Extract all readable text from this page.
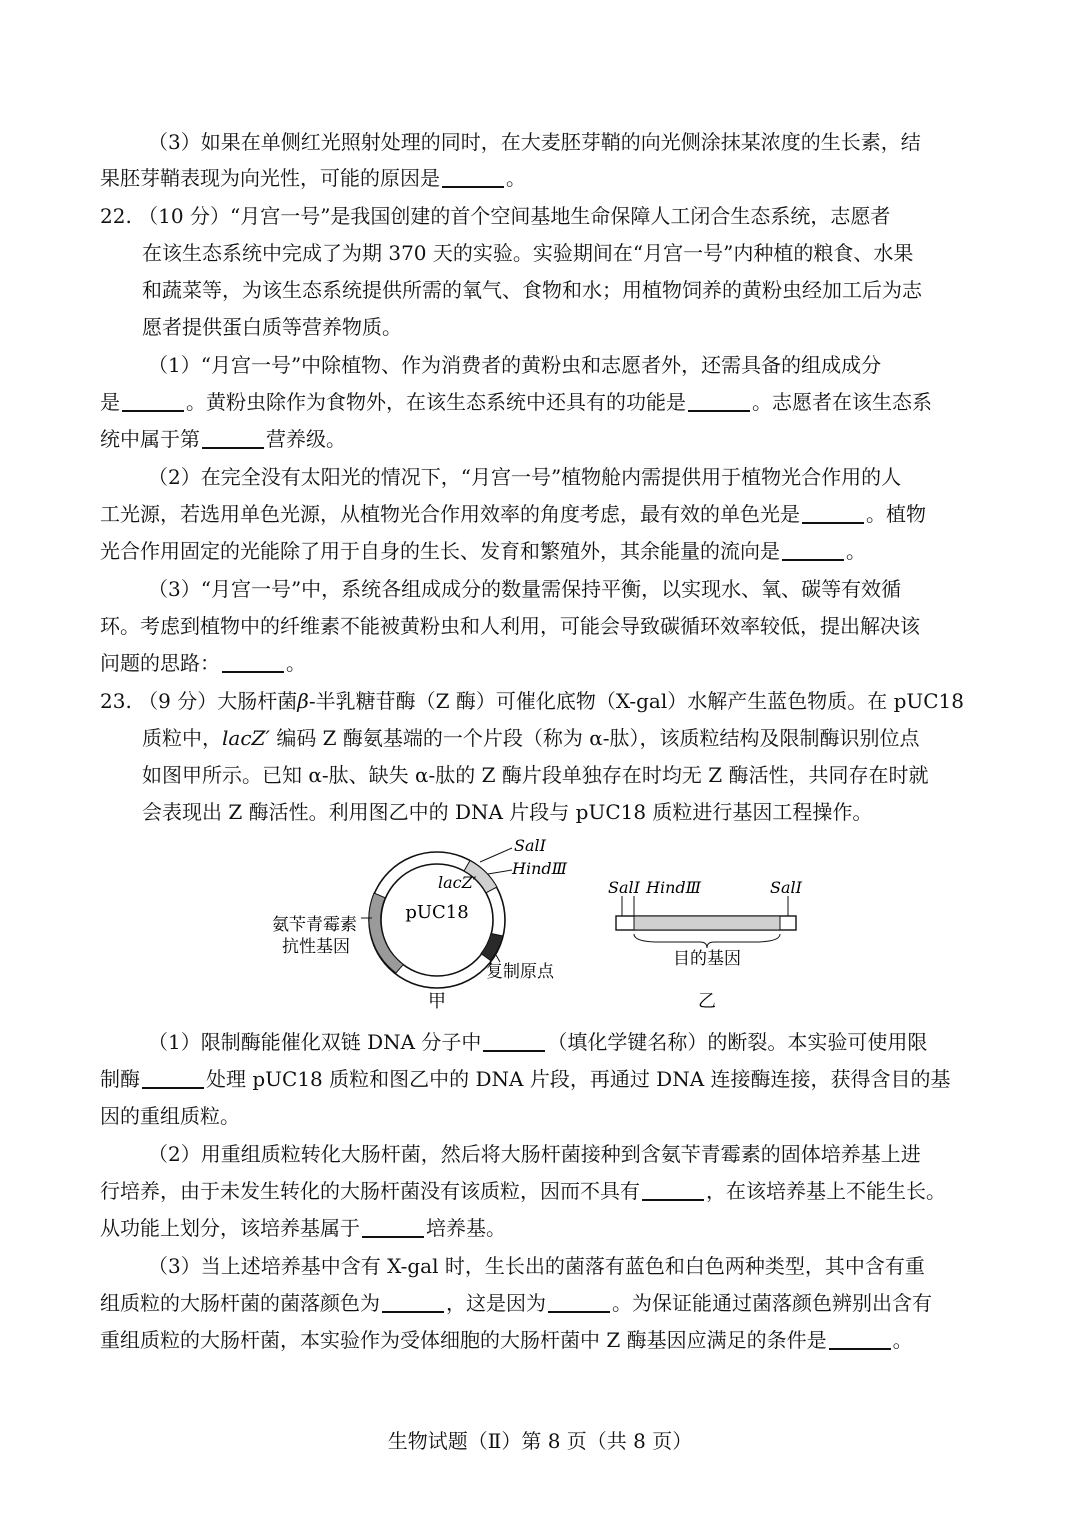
（3）如果在单侧红光照射处理的同时，在大麦胚芽鞘的向光侧涂抹某浓度的生长素，结
果胚芽鞘表现为向光性，可能的原因是	。
22. （10 分）“月宫一号”是我国创建的首个空间基地生命保障人工闭合生态系统，志愿者
在该生态系统中完成了为期 370 天的实验。实验期间在“月宫一号”内种植的粮食、水果
和蔬菜等，为该生态系统提供所需的氧气、食物和水；用植物饲养的黄粉虫经加工后为志
愿者提供蛋白质等营养物质。
（1）“月宫一号”中除植物、作为消费者的黄粉虫和志愿者外，还需具备的组成成分
是	。黄粉虫除作为食物外，在该生态系统中还具有的功能是	。志愿者在该生态系
统中属于第	营养级。
（2）在完全没有太阳光的情况下，“月宫一号”植物舱内需提供用于植物光合作用的人
工光源，若选用单色光源，从植物光合作用效率的角度考虑，最有效的单色光是	。植物
光合作用固定的光能除了用于自身的生长、发育和繁殖外，其余能量的流向是	。
（3）“月宫一号”中，系统各组成成分的数量需保持平衡，以实现水、氧、碳等有效循
环。考虑到植物中的纤维素不能被黄粉虫和人利用，可能会导致碳循环效率较低，提出解决该
问题的思路：	。
23. （9 分）大肠杆菌β-半乳糖苷酶（Z 酶）可催化底物（X-gal）水解产生蓝色物质。在 pUC18
质粒中，lacZ′ 编码 Z 酶氨基端的一个片段（称为 α-肽），该质粒结构及限制酶识别位点
如图甲所示。已知 α-肽、缺失 α-肽的 Z 酶片段单独存在时均无 Z 酶活性，共同存在时就
会表现出 Z 酶活性。利用图乙中的 DNA 片段与 pUC18 质粒进行基因工程操作。
pUC18
lacZ′
SalⅠ
HindⅢ
氨苄青霉素
抗性基因
复制原点
甲
SalⅠ HindⅢ	SalⅠ
目的基因
乙
（1）限制酶能催化双链 DNA 分子中	（填化学键名称）的断裂。本实验可使用限
制酶	处理 pUC18 质粒和图乙中的 DNA 片段，再通过 DNA 连接酶连接，获得含目的基
因的重组质粒。
（2）用重组质粒转化大肠杆菌，然后将大肠杆菌接种到含氨苄青霉素的固体培养基上进
行培养，由于未发生转化的大肠杆菌没有该质粒，因而不具有	，在该培养基上不能生长。
从功能上划分，该培养基属于	培养基。
（3）当上述培养基中含有 X-gal 时，生长出的菌落有蓝色和白色两种类型，其中含有重
组质粒的大肠杆菌的菌落颜色为	，这是因为	。为保证能通过菌落颜色辨别出含有
重组质粒的大肠杆菌，本实验作为受体细胞的大肠杆菌中 Z 酶基因应满足的条件是	。
生物试题（Ⅱ）第 8 页（共 8 页）
